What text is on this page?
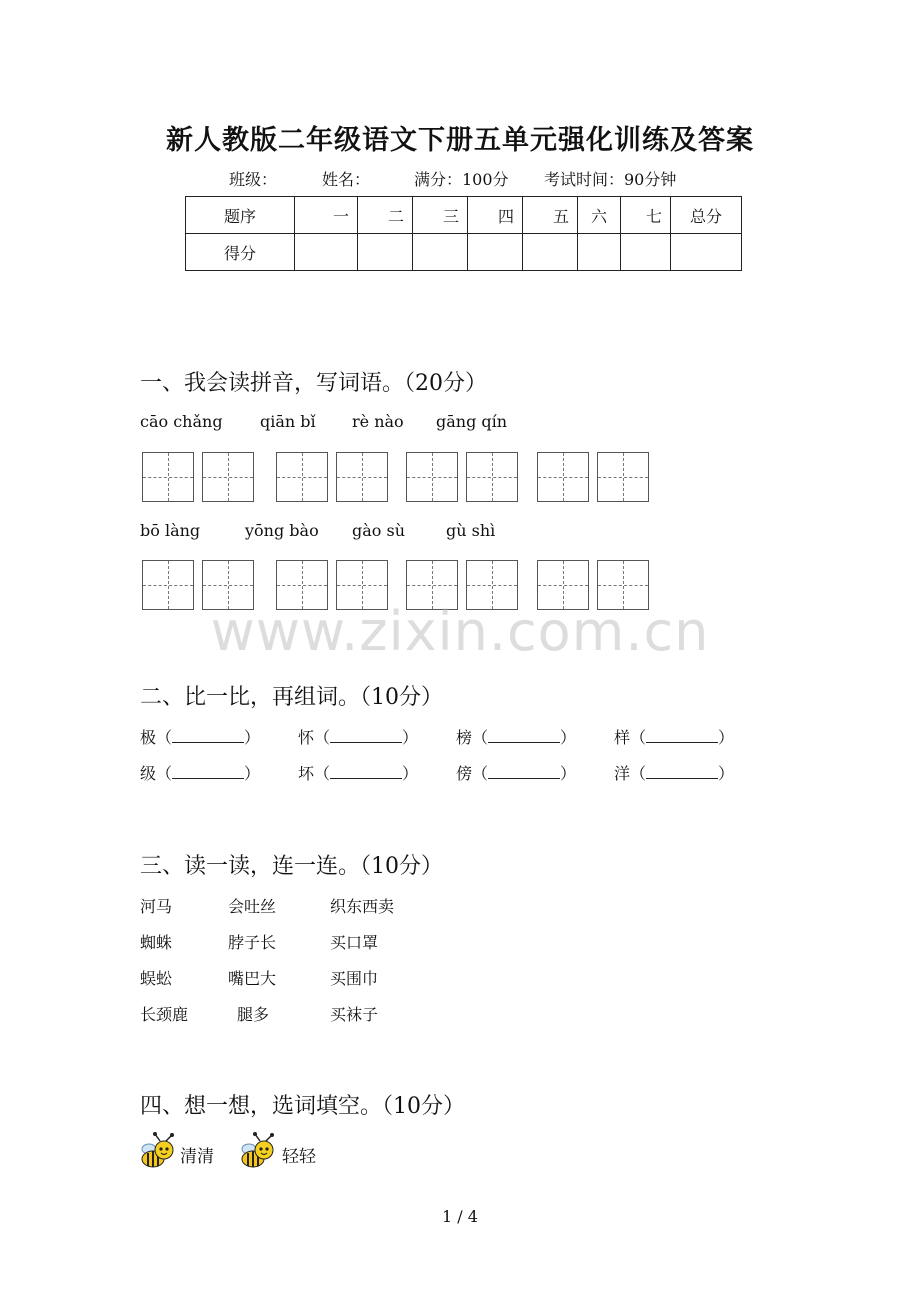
新人教版二年级语文下册五单元强化训练及答案
班级：	姓名：	满分：100分 考试时间：90分钟
题序	一	二	三	四	五	六	七	总分
得分								
一、我会读拼音，写词语。（20分）
cāo chǎng qiān bǐ rè nào gāng qín
bō làng	yōng bào gào sù	gù shì
www.zixin.com.cn
二、比一比，再组词。（10分）
极（	） 怀（	） 榜（	） 样（	）
级（	） 坏（	） 傍（	） 洋（	）
三、读一读，连一连。（10分）
河马	会吐丝	织东西卖
蜘蛛	脖子长	买口罩
蜈蚣	嘴巴大	买围巾
长颈鹿	腿多	买袜子
四、想一想，选词填空。（10分）
清清	轻轻
1 / 4
